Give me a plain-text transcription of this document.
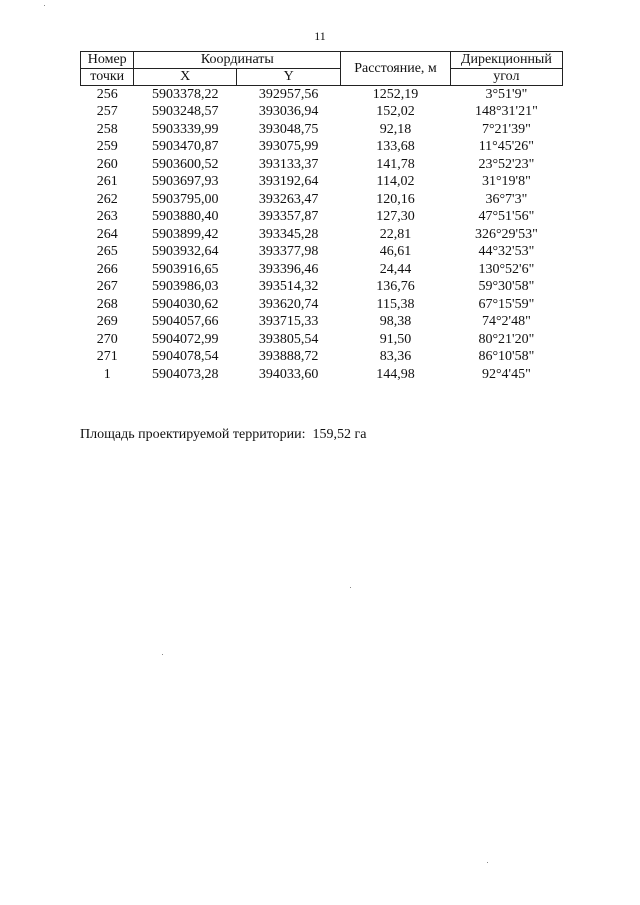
11
Номер	Координаты		Расстояние, м	Дирекционный
точки	X	Y		угол
256	5903378,22	392957,56	1252,19	3°51'9"
257	5903248,57	393036,94	152,02	148°31'21"
258	5903339,99	393048,75	92,18	7°21'39"
259	5903470,87	393075,99	133,68	11°45'26"
260	5903600,52	393133,37	141,78	23°52'23"
261	5903697,93	393192,64	114,02	31°19'8"
262	5903795,00	393263,47	120,16	36°7'3"
263	5903880,40	393357,87	127,30	47°51'56"
264	5903899,42	393345,28	22,81	326°29'53"
265	5903932,64	393377,98	46,61	44°32'53"
266	5903916,65	393396,46	24,44	130°52'6"
267	5903986,03	393514,32	136,76	59°30'58"
268	5904030,62	393620,74	115,38	67°15'59"
269	5904057,66	393715,33	98,38	74°2'48"
270	5904072,99	393805,54	91,50	80°21'20"
271	5904078,54	393888,72	83,36	86°10'58"
1	5904073,28	394033,60	144,98	92°4'45"
Площадь проектируемой территории: 159,52 га
